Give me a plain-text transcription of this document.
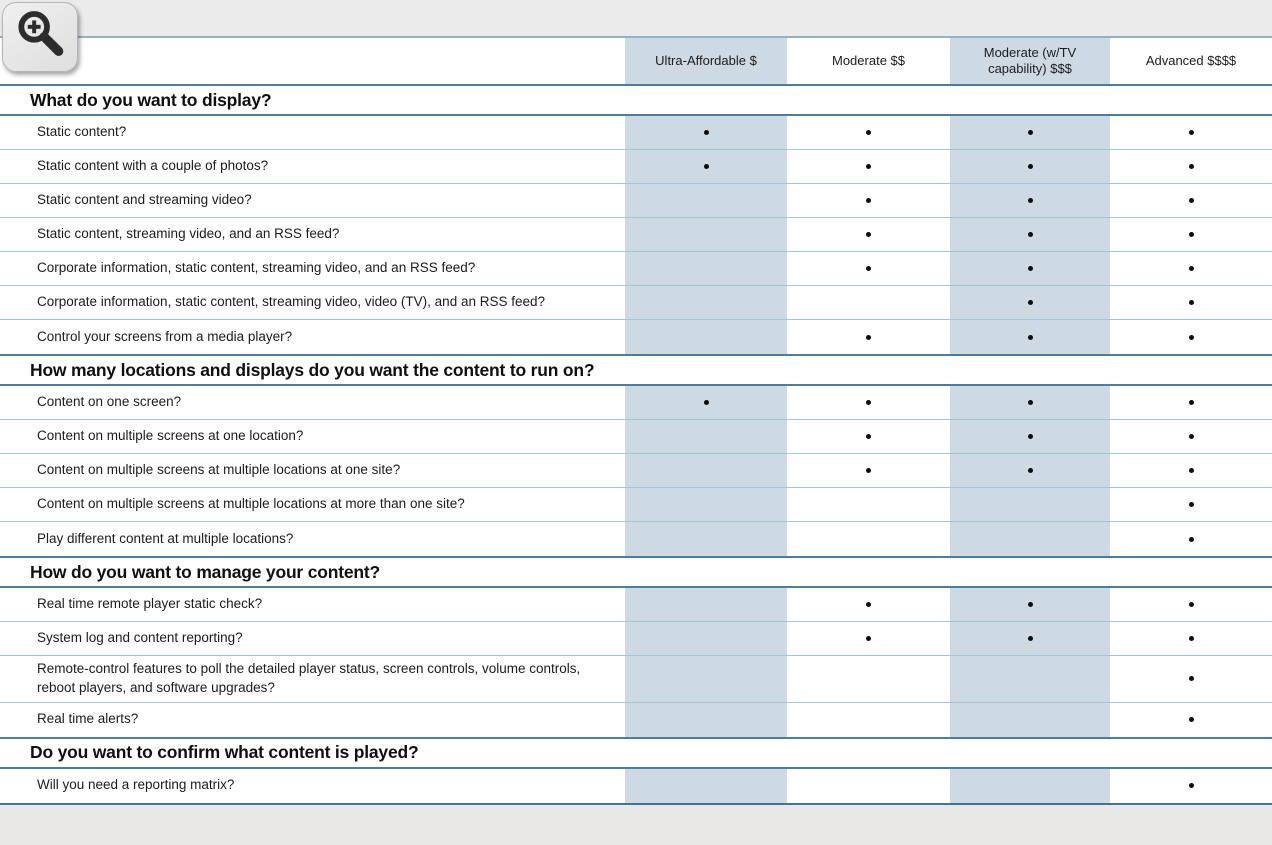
Ultra-Affordable $	Moderate $$
Moderate (w/TV capability) $$$
Advanced $$$$
What do you want to display?
Static content?
Static content with a couple of photos?
Static content and streaming video?
Static content, streaming video, and an RSS feed?
Corporate information, static content, streaming video, and an RSS feed?
Corporate information, static content, streaming video, video (TV), and an RSS feed?
Control your screens from a media player?
How many locations and displays do you want the content to run on?
Content on one screen?
Content on multiple screens at one location?
Content on multiple screens at multiple locations at one site?
Content on multiple screens at multiple locations at more than one site?
Play different content at multiple locations?
How do you want to manage your content?
Real time remote player static check?
System log and content reporting?
Remote-control features to poll the detailed player status, screen controls, volume controls, reboot players, and software upgrades?
Real time alerts?
Do you want to confirm what content is played?
Will you need a reporting matrix?
